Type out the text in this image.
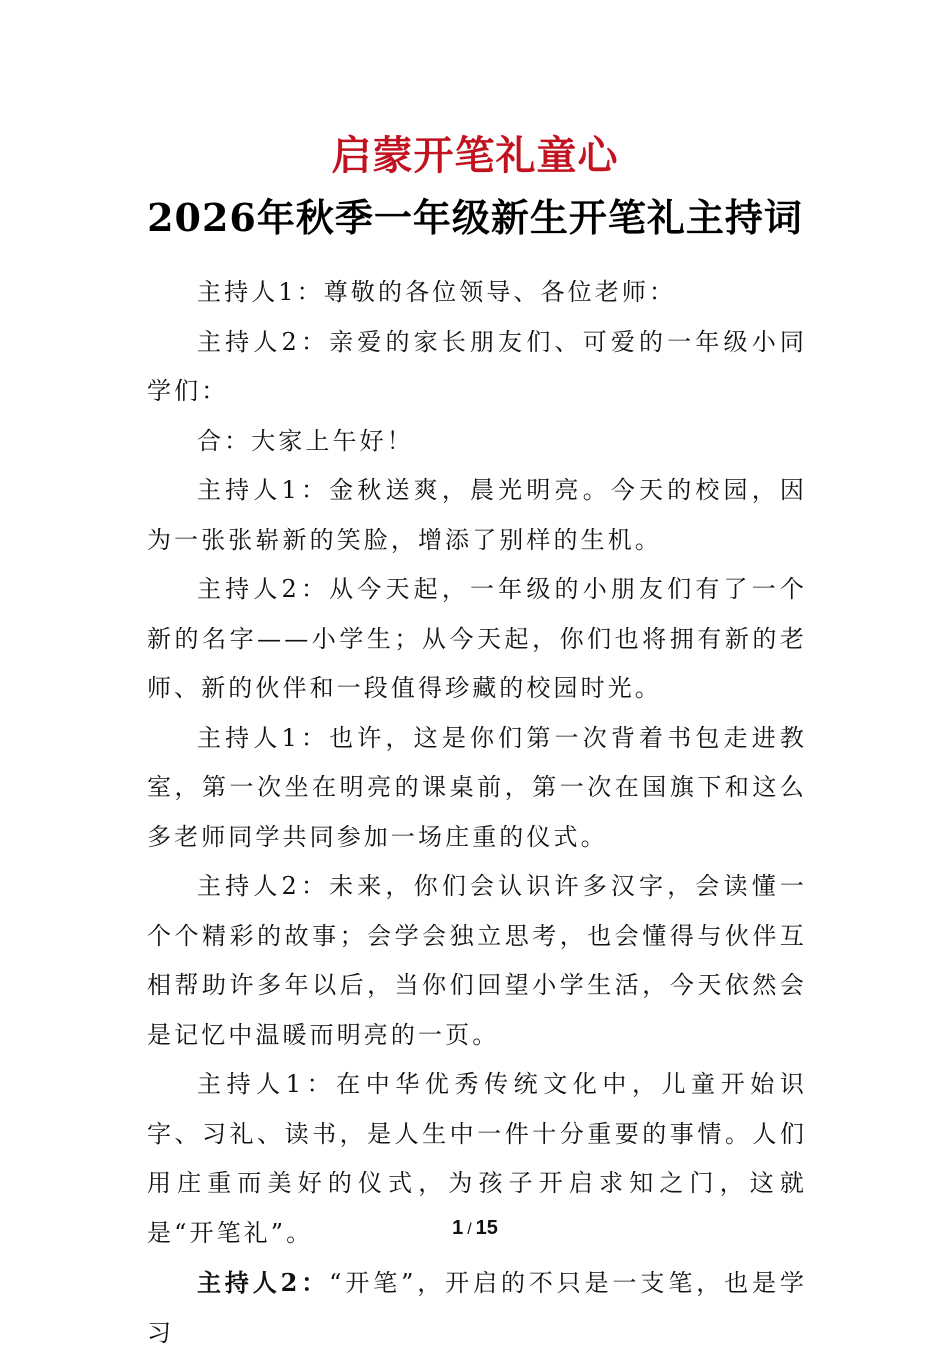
启蒙开笔礼童心
2026年秋季一年级新生开笔礼主持词

主持人1：尊敬的各位领导、各位老师：

主持人2：亲爱的家长朋友们、可爱的一年级小同学们：

合：大家上午好！

主持人1：金秋送爽，晨光明亮。今天的校园，因为一张张崭新的笑脸，增添了别样的生机。

主持人2：从今天起，一年级的小朋友们有了一个新的名字——小学生；从今天起，你们也将拥有新的老师、新的伙伴和一段值得珍藏的校园时光。

主持人1：也许，这是你们第一次背着书包走进教室，第一次坐在明亮的课桌前，第一次在国旗下和这么多老师同学共同参加一场庄重的仪式。

主持人2：未来，你们会认识许多汉字，会读懂一个个精彩的故事；会学会独立思考，也会懂得与伙伴互相帮助许多年以后，当你们回望小学生活，今天依然会是记忆中温暖而明亮的一页。

主持人1：在中华优秀传统文化中，儿童开始识字、习礼、读书，是人生中一件十分重要的事情。人们用庄重而美好的仪式，为孩子开启求知之门，这就是“开笔礼”。

主持人2：“开笔”，开启的不只是一支笔，也是学习

1 / 15
